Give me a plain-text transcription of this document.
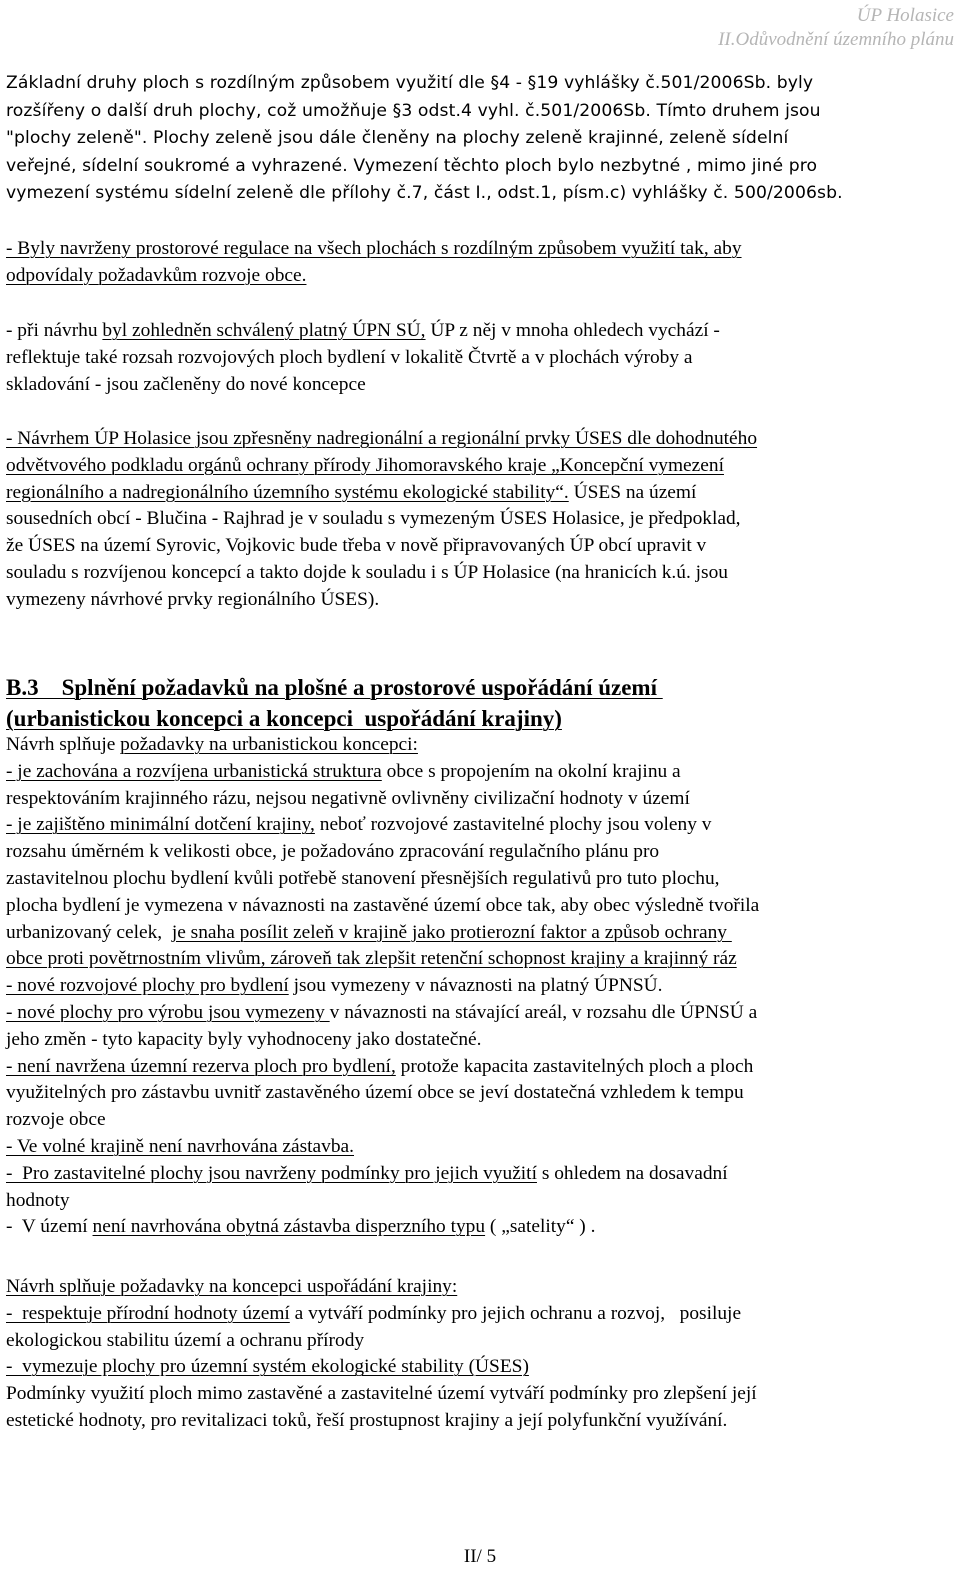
ÚP Holasice
II.Odůvodnění územního plánu
Základní druhy ploch s rozdílným způsobem využití dle §4 - §19 vyhlášky č.501/2006Sb. byly
rozšířeny o další druh plochy, což umožňuje §3 odst.4 vyhl. č.501/2006Sb. Tímto druhem jsou
"plochy zeleně". Plochy zeleně jsou dále členěny na plochy zeleně krajinné, zeleně sídelní
veřejné, sídelní soukromé a vyhrazené. Vymezení těchto ploch bylo nezbytné , mimo jiné pro
vymezení systému sídelní zeleně dle přílohy č.7, část I., odst.1, písm.c) vyhlášky č. 500/2006sb.
- Byly navrženy prostorové regulace na všech plochách s rozdílným způsobem využití tak, aby
odpovídaly požadavkům rozvoje obce.
- při návrhu byl zohledněn schválený platný ÚPN SÚ, ÚP z něj v mnoha ohledech vychází -
reflektuje také rozsah rozvojových ploch bydlení v lokalitě Čtvrtě a v plochách výroby a
skladování - jsou začleněny do nové koncepce
- Návrhem ÚP Holasice jsou zpřesněny nadregionální a regionální prvky ÚSES dle dohodnutého
odvětvového podkladu orgánů ochrany přírody Jihomoravského kraje „Koncepční vymezení
regionálního a nadregionálního územního systému ekologické stability“. ÚSES na území
sousedních obcí - Blučina - Rajhrad je v souladu s vymezeným ÚSES Holasice, je předpoklad,
že ÚSES na území Syrovic, Vojkovic bude třeba v nově připravovaných ÚP obcí upravit v
souladu s rozvíjenou koncepcí a takto dojde k souladu i s ÚP Holasice (na hranicích k.ú. jsou
vymezeny návrhové prvky regionálního ÚSES).
B.3    Splnění požadavků na plošné a prostorové uspořádání území
(urbanistickou koncepci a koncepci  uspořádání krajiny)
Návrh splňuje požadavky na urbanistickou koncepci:
- je zachována a rozvíjena urbanistická struktura obce s propojením na okolní krajinu a
respektováním krajinného rázu, nejsou negativně ovlivněny civilizační hodnoty v území
- je zajištěno minimální dotčení krajiny, neboť rozvojové zastavitelné plochy jsou voleny v
rozsahu úměrném k velikosti obce, je požadováno zpracování regulačního plánu pro
zastavitelnou plochu bydlení kvůli potřebě stanovení přesnějších regulativů pro tuto plochu,
plocha bydlení je vymezena v návaznosti na zastavěné území obce tak, aby obec výsledně tvořila
urbanizovaný celek,  je snaha posílit zeleň v krajině jako protierozní faktor a způsob ochrany
obce proti povětrnostním vlivům, zároveň tak zlepšit retenční schopnost krajiny a krajinný ráz
- nové rozvojové plochy pro bydlení jsou vymezeny v návaznosti na platný ÚPNSÚ.
- nové plochy pro výrobu jsou vymezeny v návaznosti na stávající areál, v rozsahu dle ÚPNSÚ a
jeho změn - tyto kapacity byly vyhodnoceny jako dostatečné.
- není navržena územní rezerva ploch pro bydlení, protože kapacita zastavitelných ploch a ploch
využitelných pro zástavbu uvnitř zastavěného území obce se jeví dostatečná vzhledem k tempu
rozvoje obce
- Ve volné krajině není navrhována zástavba.
-  Pro zastavitelné plochy jsou navrženy podmínky pro jejich využití s ohledem na dosavadní
hodnoty
-  V území není navrhována obytná zástavba disperzního typu ( „satelity“ ) .
Návrh splňuje požadavky na koncepci uspořádání krajiny:
-  respektuje přírodní hodnoty území a vytváří podmínky pro jejich ochranu a rozvoj,   posiluje
ekologickou stabilitu území a ochranu přírody
-  vymezuje plochy pro územní systém ekologické stability (ÚSES)
Podmínky využití ploch mimo zastavěné a zastavitelné území vytváří podmínky pro zlepšení její
estetické hodnoty, pro revitalizaci toků, řeší prostupnost krajiny a její polyfunkční využívání.
II/ 5
